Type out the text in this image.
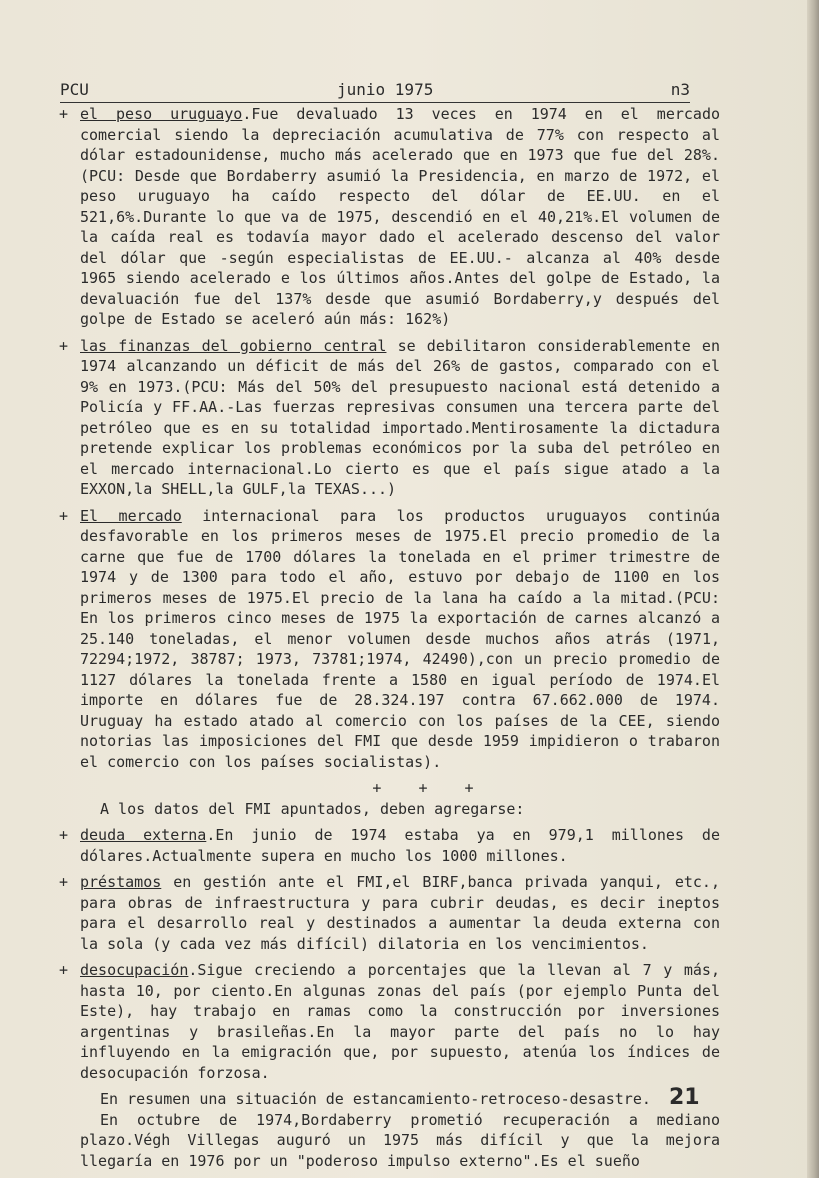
PCU	junio 1975	n3
+ el peso uruguayo.Fue devaluado 13 veces en 1974 en el mercado comercial siendo la depreciación acumulativa de 77% con respecto al dólar estadounidense, mucho más acelerado que en 1973 que fue del 28%.(PCU: Desde que Bordaberry asumió la Presidencia, en marzo de 1972, el peso uruguayo ha caído respecto del dólar de EE.UU. en el 521,6%.Durante lo que va de 1975, descendió en el 40,21%.El volumen de la caída real es todavía mayor dado el acelerado descenso del valor del dólar que -según especialistas de EE.UU.- alcanza al 40% desde 1965 siendo acelerado e los últimos años.Antes del golpe de Estado, la devaluación fue del 137% desde que asumió Bordaberry,y después del golpe de Estado se aceleró aún más: 162%)
+ las finanzas del gobierno central se debilitaron considerablemente en 1974 alcanzando un déficit de más del 26% de gastos, comparado con el 9% en 1973.(PCU: Más del 50% del presupuesto nacional está detenido a Policía y FF.AA.-Las fuerzas represivas consumen una tercera parte del petróleo que es en su totalidad importado.Mentirosamente la dictadura pretende explicar los problemas económicos por la suba del petróleo en el mercado internacional.Lo cierto es que el país sigue atado a la EXXON,la SHELL,la GULF,la TEXAS...)
+ El mercado internacional para los productos uruguayos continúa desfavorable en los primeros meses de 1975.El precio promedio de la carne que fue de 1700 dólares la tonelada en el primer trimestre de 1974 y de 1300 para todo el año, estuvo por debajo de 1100 en los primeros meses de 1975.El precio de la lana ha caído a la mitad.(PCU: En los primeros cinco meses de 1975 la exportación de carnes alcanzó a 25.140 toneladas, el menor volumen desde muchos años atrás (1971, 72294;1972, 38787; 1973, 73781;1974, 42490),con un precio promedio de 1127 dólares la tonelada frente a 1580 en igual período de 1974.El importe en dólares fue de 28.324.197 contra 67.662.000 de 1974. Uruguay ha estado atado al comercio con los países de la CEE, siendo notorias las imposiciones del FMI que desde 1959 impidieron o trabaron el comercio con los países socialistas).
+ + +
A los datos del FMI apuntados, deben agregarse:
+ deuda externa.En junio de 1974 estaba ya en 979,1 millones de dólares.Actualmente supera en mucho los 1000 millones.
+ préstamos en gestión ante el FMI,el BIRF,banca privada yanqui, etc., para obras de infraestructura y para cubrir deudas, es decir ineptos para el desarrollo real y destinados a aumentar la deuda externa con la sola (y cada vez más difícil) dilatoria en los vencimientos.
+ desocupación.Sigue creciendo a porcentajes que la llevan al 7 y más, hasta 10, por ciento.En algunas zonas del país (por ejemplo Punta del Este), hay trabajo en ramas como la construcción por inversiones argentinas y brasileñas.En la mayor parte del país no lo hay influyendo en la emigración que, por supuesto, atenúa los índices de desocupación forzosa.
En resumen una situación de estancamiento-retroceso-desastre.
En octubre de 1974,Bordaberry prometió recuperación a mediano plazo.Végh Villegas auguró un 1975 más difícil y que la mejora llegaría en 1976 por un "poderoso impulso externo".Es el sueño
21
